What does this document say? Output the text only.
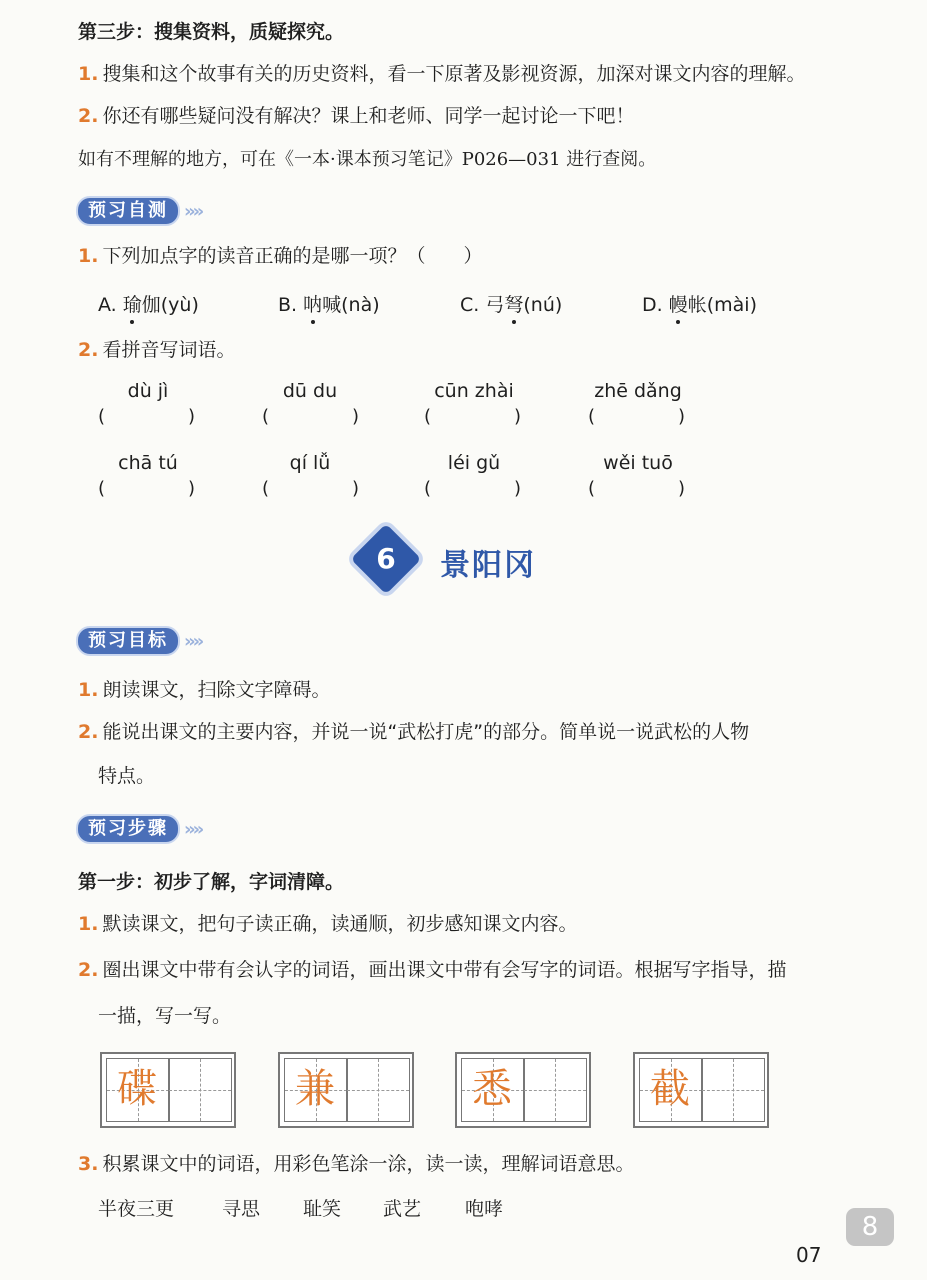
第三步：搜集资料，质疑探究。
1. 搜集和这个故事有关的历史资料，看一下原著及影视资源，加深对课文内容的理解。
2. 你还有哪些疑问没有解决？课上和老师、同学一起讨论一下吧！
如有不理解的地方，可在《一本·课本预习笔记》P026—031 进行查阅。
预习自测 »»
1. 下列加点字的读音正确的是哪一项？（　　）
A. 瑜伽(yù)	B. 呐喊(nà)	C. 弓弩(nú)	D. 幔帐(mài)
2. 看拼音写词语。
dù jì	dū du	cūn zhài	zhē dǎng
(	)	(	)	(	)	(	)
chā tú	qí lǚ	léi gǔ	wěi tuō
(	)	(	)	(	)	(	)
6	景阳冈
预习目标 »»
1. 朗读课文，扫除文字障碍。
2. 能说出课文的主要内容，并说一说“武松打虎”的部分。简单说一说武松的人物
特点。
预习步骤 »»
第一步：初步了解，字词清障。
1. 默读课文，把句子读正确，读通顺，初步感知课文内容。
2. 圈出课文中带有会认字的词语，画出课文中带有会写字的词语。根据写字指导，描
一描，写一写。
碟	兼	悉	截
3. 积累课文中的词语，用彩色笔涂一涂，读一读，理解词语意思。
半夜三更	寻思 耻笑 武艺 咆哮
8
07
